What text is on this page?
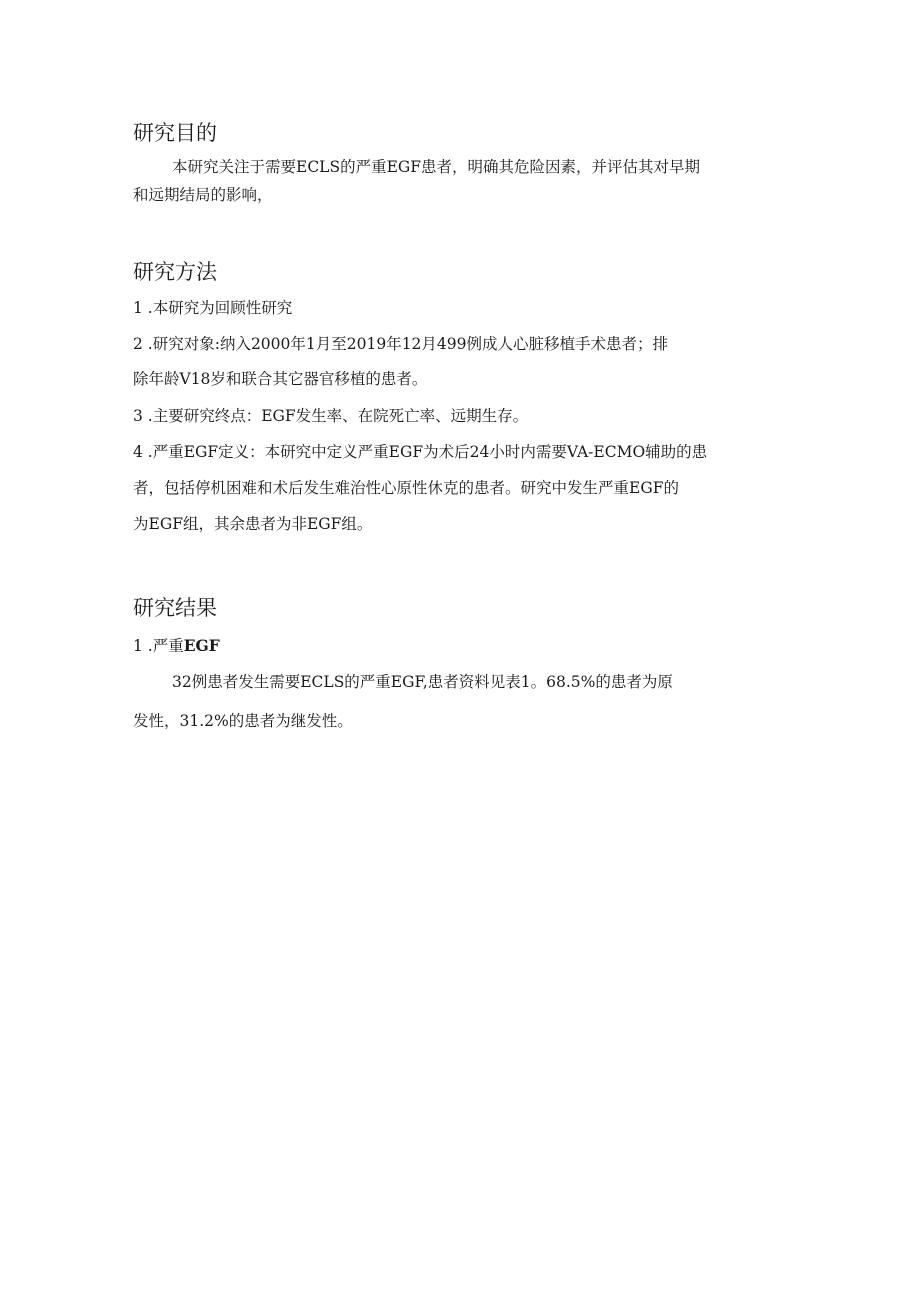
研究目的
本研究关注于需要ECLS的严重EGF患者，明确其危险因素，并评估其对早期
和远期结局的影响，
研究方法
1 .本研究为回顾性研究
2 .研究对象:纳入2000年1月至2019年12月499例成人心脏移植手术患者；排
除年龄V18岁和联合其它器官移植的患者。
3 .主要研究终点：EGF发生率、在院死亡率、远期生存。
4 .严重EGF定义：本研究中定义严重EGF为术后24小时内需要VA-ECMO辅助的患
者，包括停机困难和术后发生难治性心原性休克的患者。研究中发生严重EGF的
为EGF组，其余患者为非EGF组。
研究结果
1 .严重EGF
32例患者发生需要ECLS的严重EGF,患者资料见表1。68.5%的患者为原
发性，31.2%的患者为继发性。
